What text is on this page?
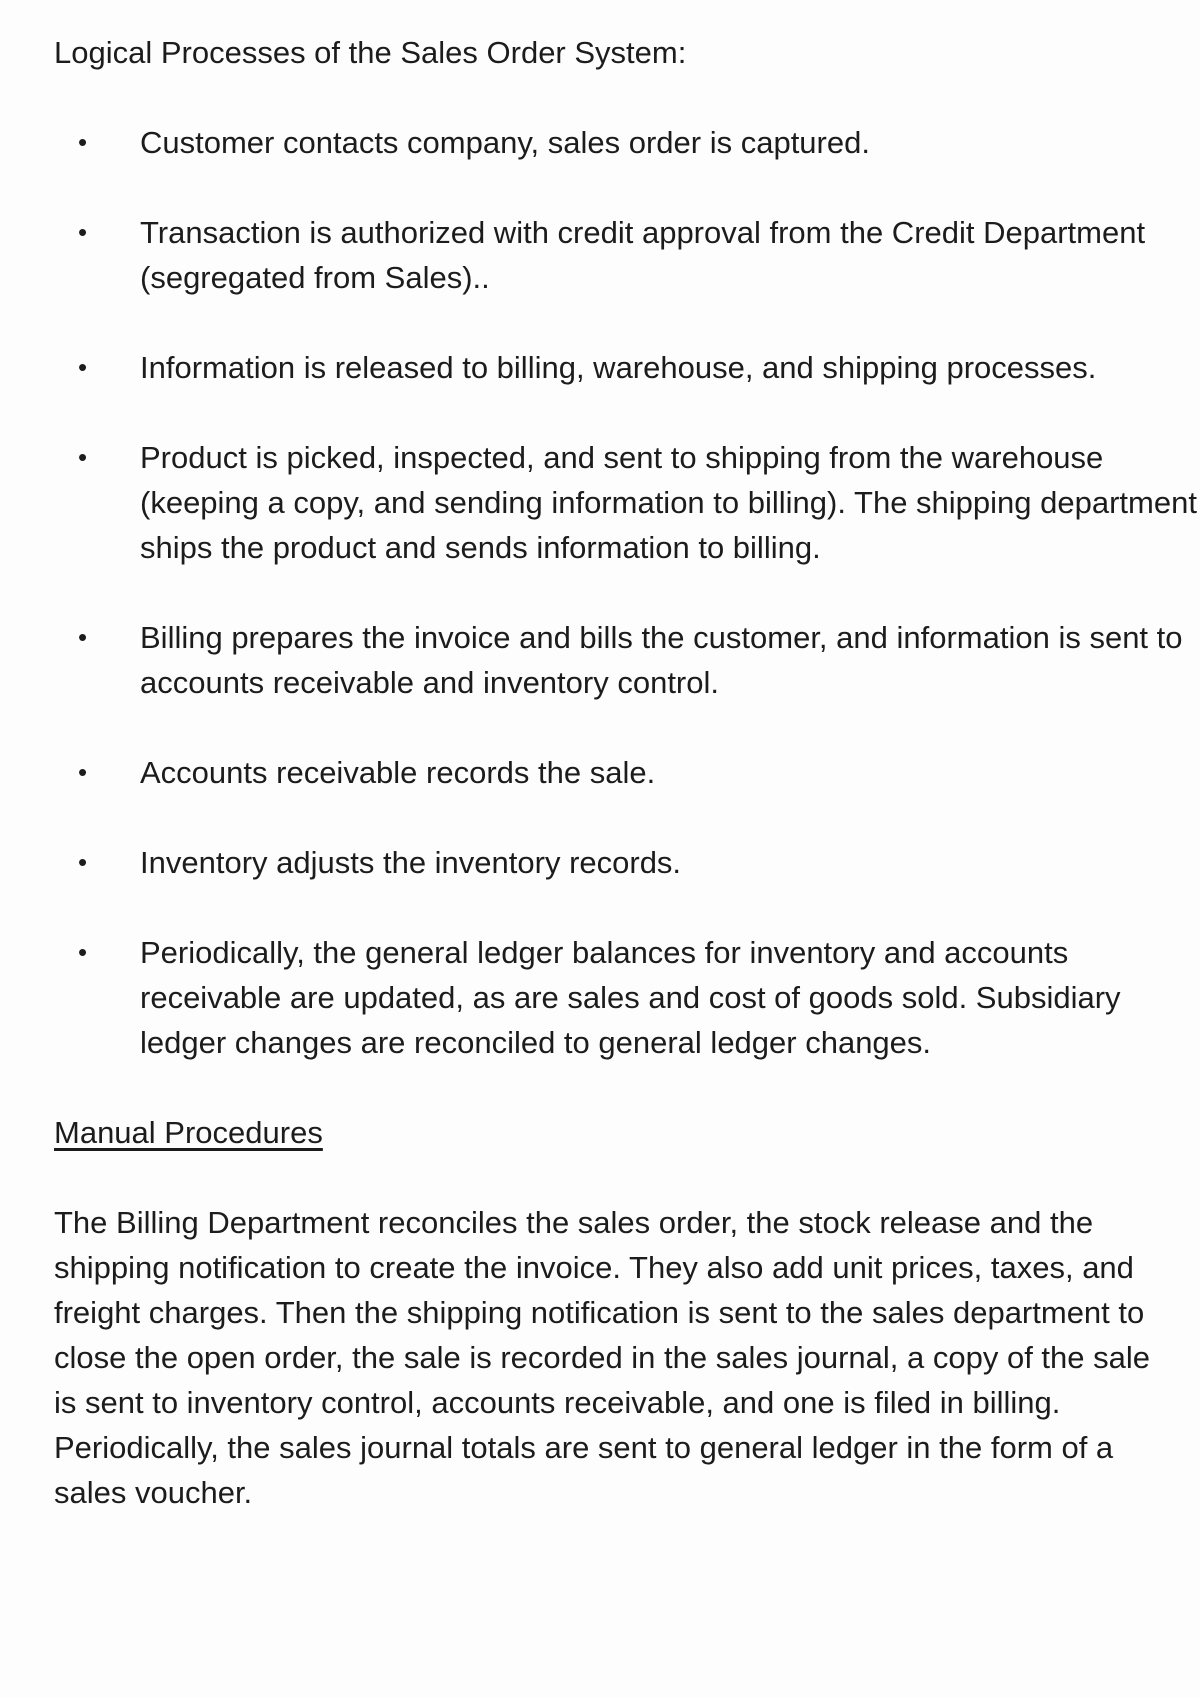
Logical Processes of the Sales Order System:
• Customer contacts company, sales order is captured.
• Transaction is authorized with credit approval from the Credit Department (segregated from Sales)..
• Information is released to billing, warehouse, and shipping processes.
• Product is picked, inspected, and sent to shipping from the warehouse (keeping a copy, and sending information to billing). The shipping department ships the product and sends information to billing.
• Billing prepares the invoice and bills the customer, and information is sent to accounts receivable and inventory control.
• Accounts receivable records the sale.
• Inventory adjusts the inventory records.
• Periodically, the general ledger balances for inventory and accounts receivable are updated, as are sales and cost of goods sold. Subsidiary ledger changes are reconciled to general ledger changes.
Manual Procedures

The Billing Department reconciles the sales order, the stock release and the shipping notification to create the invoice. They also add unit prices, taxes, and freight charges. Then the shipping notification is sent to the sales department to close the open order, the sale is recorded in the sales journal, a copy of the sale is sent to inventory control, accounts receivable, and one is filed in billing. Periodically, the sales journal totals are sent to general ledger in the form of a sales voucher.
